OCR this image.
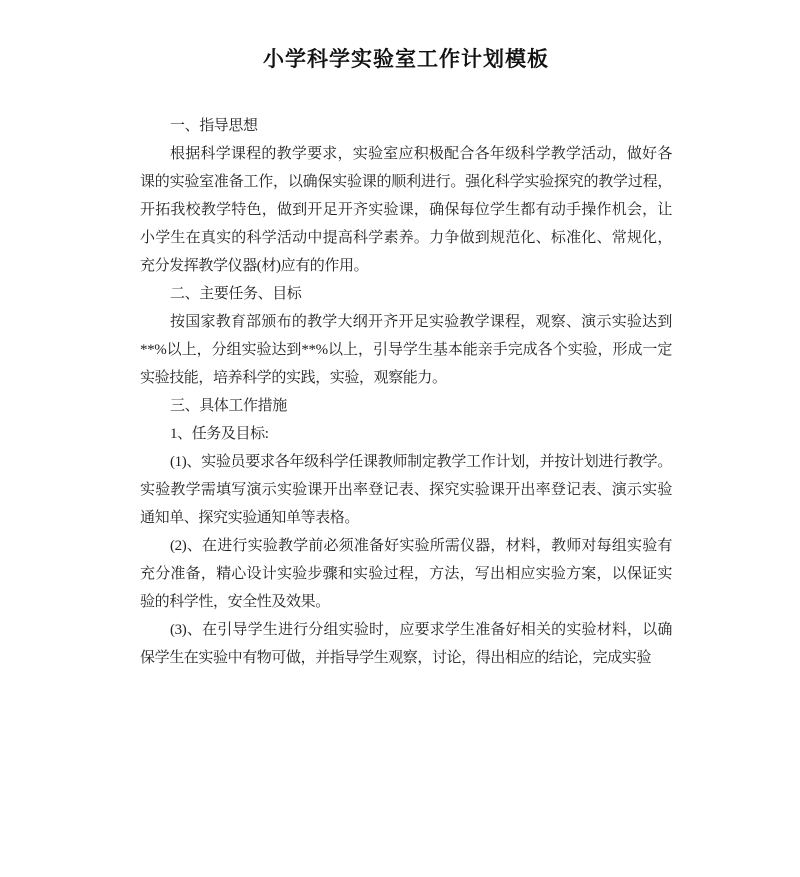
小学科学实验室工作计划模板
一、指导思想
根据科学课程的教学要求，实验室应积极配合各年级科学教学活动，做好各
课的实验室准备工作，以确保实验课的顺利进行。强化科学实验探究的教学过程，
开拓我校教学特色，做到开足开齐实验课，确保每位学生都有动手操作机会，让
小学生在真实的科学活动中提高科学素养。力争做到规范化、标准化、常规化，
充分发挥教学仪器(材)应有的作用。
二、主要任务、目标
按国家教育部颁布的教学大纲开齐开足实验教学课程，观察、演示实验达到
**%以上，分组实验达到**%以上，引导学生基本能亲手完成各个实验，形成一定
实验技能，培养科学的实践，实验，观察能力。
三、具体工作措施
1、任务及目标:
(1)、实验员要求各年级科学任课教师制定教学工作计划，并按计划进行教学。
实验教学需填写演示实验课开出率登记表、探究实验课开出率登记表、演示实验
通知单、探究实验通知单等表格。
(2)、在进行实验教学前必须准备好实验所需仪器，材料，教师对每组实验有
充分准备，精心设计实验步骤和实验过程，方法，写出相应实验方案，以保证实
验的科学性，安全性及效果。
(3)、在引导学生进行分组实验时，应要求学生准备好相关的实验材料，以确
保学生在实验中有物可做，并指导学生观察，讨论，得出相应的结论，完成实验
